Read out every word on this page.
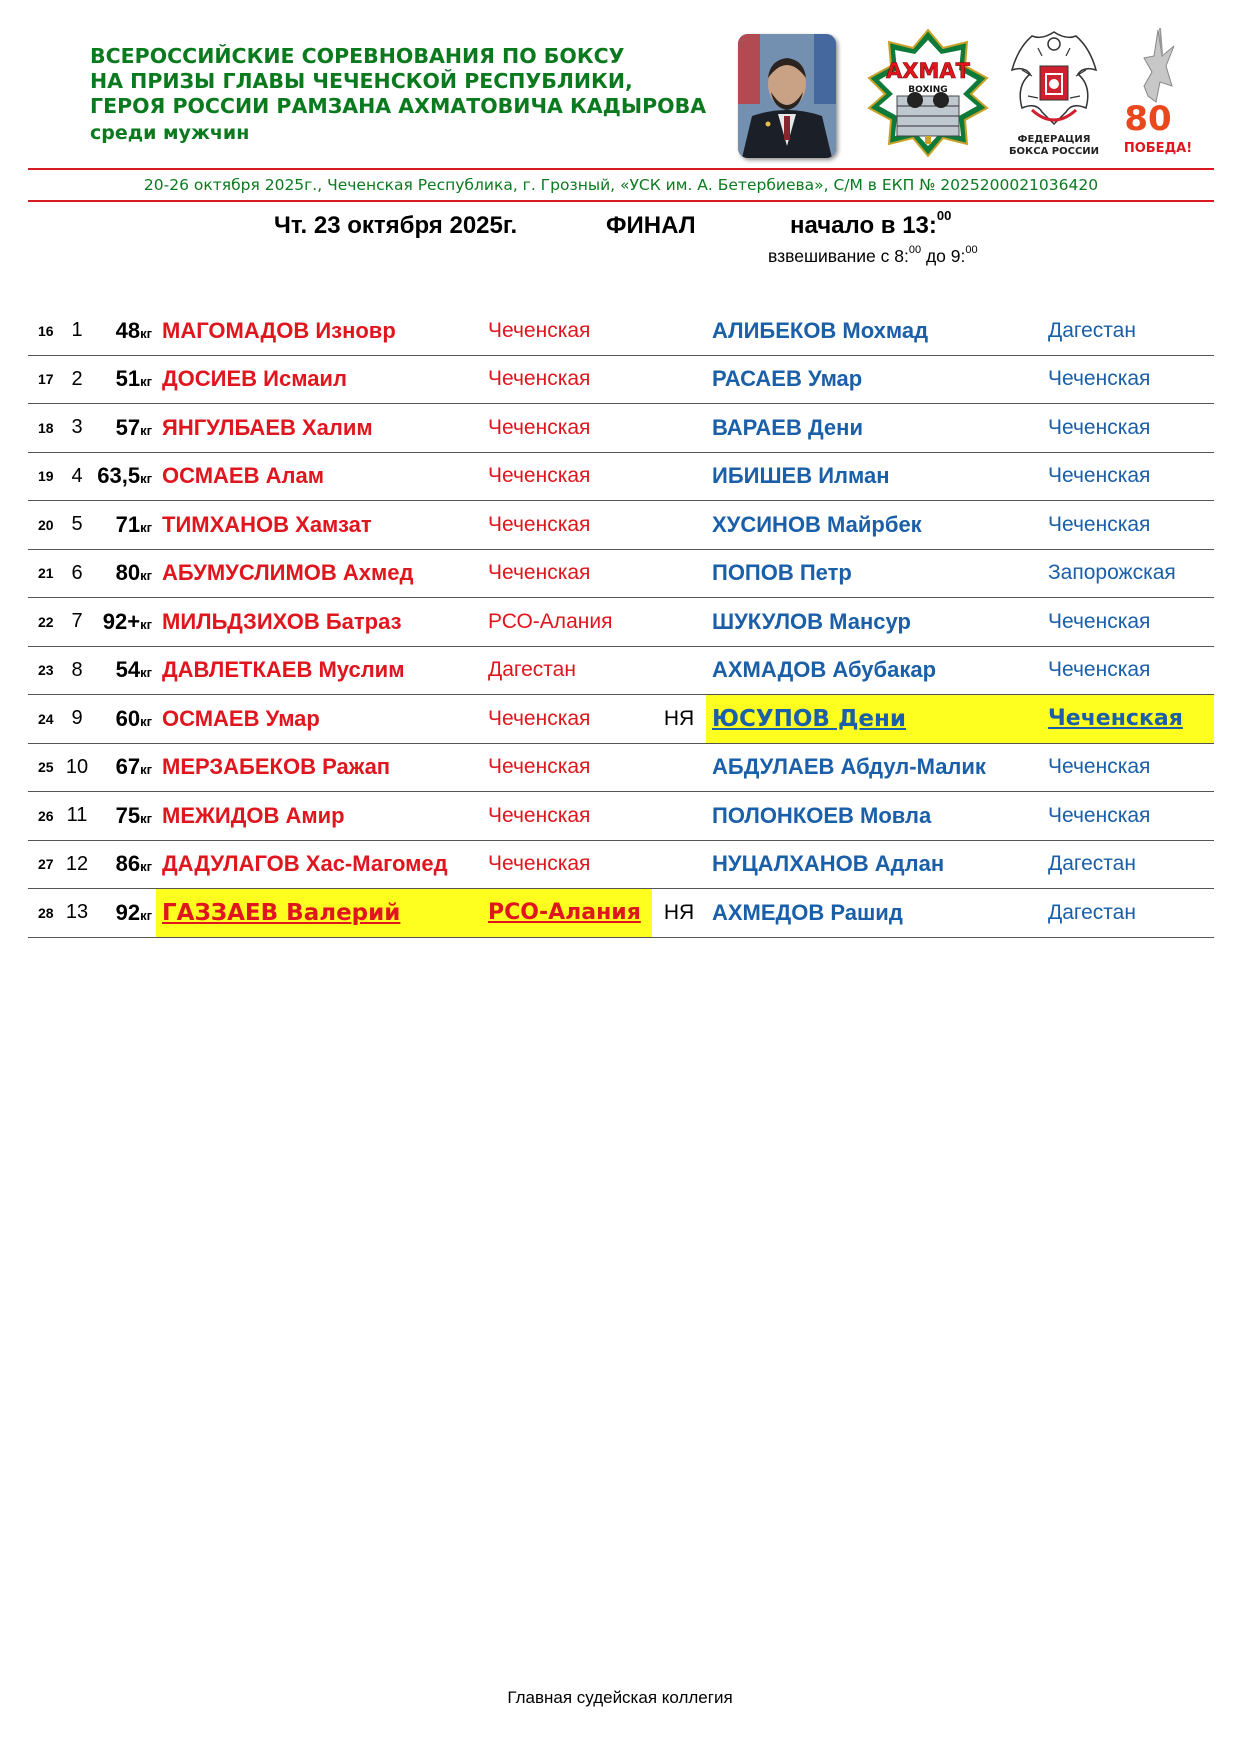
ВСЕРОССИЙСКИЕ СОРЕВНОВАНИЯ ПО БОКСУ
НА ПРИЗЫ ГЛАВЫ ЧЕЧЕНСКОЙ РЕСПУБЛИКИ,
ГЕРОЯ РОССИИ РАМЗАНА АХМАТОВИЧА КАДЫРОВА
среди мужчин
АХМАТ
BOXING
ФЕДЕРАЦИЯ
БОКСА РОССИИ
80
ПОБЕДА!
20-26 октября 2025г., Чеченская Республика, г. Грозный, «УСК им. А. Бетербиева», С/М в ЕКП № 2025200021036420
Чт. 23 октября 2025г.	ФИНАЛ	начало в 13:$^{00}$
взвешивание с 8:$^{00}$ до 9:$^{00}$
16	1	48кг	МАГОМАДОВ Изновр	Чеченская		АЛИБЕКОВ Мохмад	Дагестан
17	2	51кг	ДОСИЕВ Исмаил	Чеченская		РАСАЕВ Умар	Чеченская
18	3	57кг	ЯНГУЛБАЕВ Халим	Чеченская		ВАРАЕВ Дени	Чеченская
19	4	63,5кг	ОСМАЕВ Алам	Чеченская		ИБИШЕВ Илман	Чеченская
20	5	71кг	ТИМХАНОВ Хамзат	Чеченская		ХУСИНОВ Майрбек	Чеченская
21	6	80кг	АБУМУСЛИМОВ Ахмед	Чеченская		ПОПОВ Петр	Запорожская
22	7	92+кг	МИЛЬДЗИХОВ Батраз	РСО-Алания		ШУКУЛОВ Мансур	Чеченская
23	8	54кг	ДАВЛЕТКАЕВ Муслим	Дагестан		АХМАДОВ Абубакар	Чеченская
24	9	60кг	ОСМАЕВ Умар	Чеченская	НЯ	ЮСУПОВ Дени	Чеченская
25	10	67кг	МЕРЗАБЕКОВ Ражап	Чеченская		АБДУЛАЕВ Абдул-Малик	Чеченская
26	11	75кг	МЕЖИДОВ Амир	Чеченская		ПОЛОНКОЕВ Мовла	Чеченская
27	12	86кг	ДАДУЛАГОВ Хас-Магомед	Чеченская		НУЦАЛХАНОВ Адлан	Дагестан
28	13	92кг	ГАЗЗАЕВ Валерий	РСО-Алания	НЯ	АХМЕДОВ Рашид	Дагестан
Главная судейская коллегия
